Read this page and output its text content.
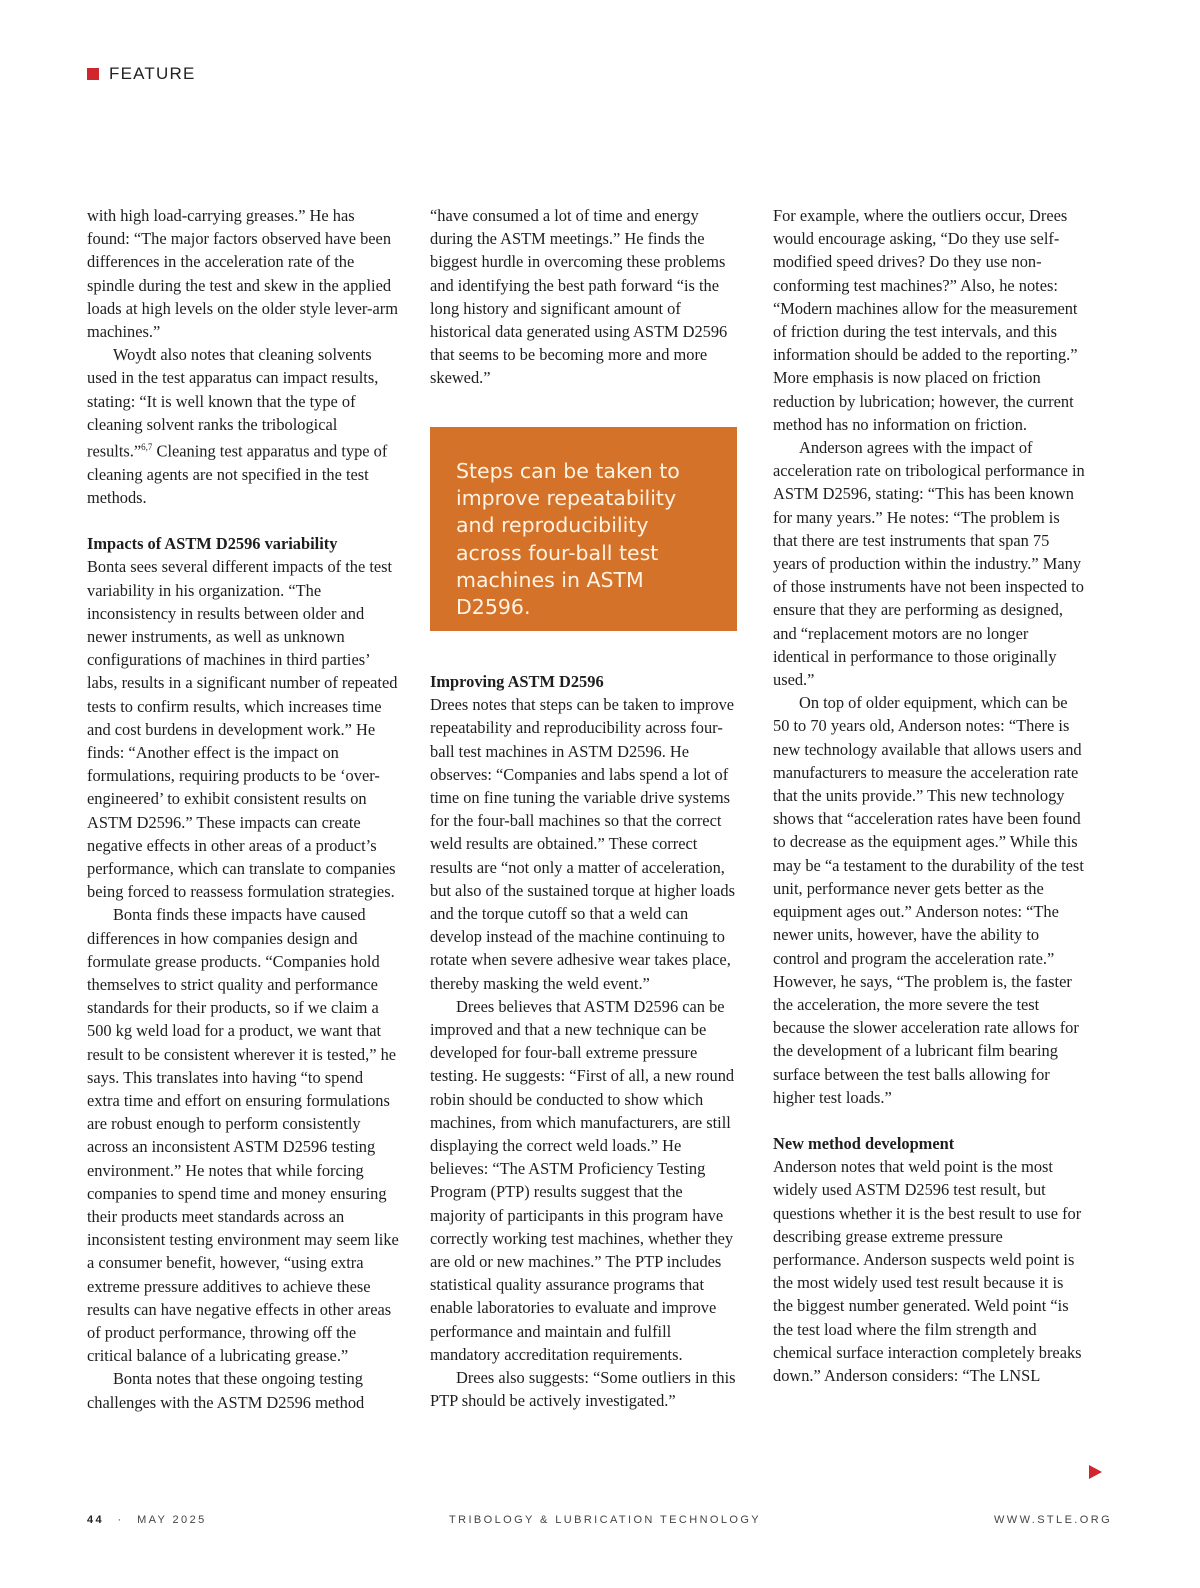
FEATURE

with high load-carrying greases.” He has found: “The major factors observed have been differences in the acceleration rate of the spindle during the test and skew in the applied loads at high levels on the older style lever-arm machines.”

Woydt also notes that cleaning solvents used in the test apparatus can impact results, stating: “It is well known that the type of cleaning solvent ranks the tribological results.”$^{6,7}$ Cleaning test apparatus and type of cleaning agents are not specified in the test methods.

Impacts of ASTM D2596 variability

Bonta sees several different impacts of the test variability in his organization. “The inconsistency in results between older and newer instruments, as well as unknown configurations of machines in third parties’ labs, results in a significant number of repeated tests to confirm results, which increases time and cost burdens in development work.” He finds: “Another effect is the impact on formulations, requiring products to be ‘over-engineered’ to exhibit consistent results on ASTM D2596.” These impacts can create negative effects in other areas of a product’s performance, which can translate to companies being forced to reassess formulation strategies.

Bonta finds these impacts have caused differences in how companies design and formulate grease products. “Companies hold themselves to strict quality and performance standards for their products, so if we claim a 500 kg weld load for a product, we want that result to be consistent wherever it is tested,” he says. This translates into having “to spend extra time and effort on ensuring formulations are robust enough to perform consistently across an inconsistent ASTM D2596 testing environment.” He notes that while forcing companies to spend time and money ensuring their products meet standards across an inconsistent testing environment may seem like a consumer benefit, however, “using extra extreme pressure additives to achieve these results can have negative effects in other areas of product performance, throwing off the critical balance of a lubricating grease.”

Bonta notes that these ongoing testing challenges with the ASTM D2596 method

“have consumed a lot of time and energy during the ASTM meetings.” He finds the biggest hurdle in overcoming these problems and identifying the best path forward “is the long history and significant amount of historical data generated using ASTM D2596 that seems to be becoming more and more skewed.”

Steps can be taken to improve repeatability and reproducibility across four-ball test machines in ASTM D2596.

Improving ASTM D2596

Drees notes that steps can be taken to improve repeatability and reproducibility across four-ball test machines in ASTM D2596. He observes: “Companies and labs spend a lot of time on fine tuning the variable drive systems for the four-ball machines so that the correct weld results are obtained.” These correct results are “not only a matter of acceleration, but also of the sustained torque at higher loads and the torque cutoff so that a weld can develop instead of the machine continuing to rotate when severe adhesive wear takes place, thereby masking the weld event.”

Drees believes that ASTM D2596 can be improved and that a new technique can be developed for four-ball extreme pressure testing. He suggests: “First of all, a new round robin should be conducted to show which machines, from which manufacturers, are still displaying the correct weld loads.” He believes: “The ASTM Proficiency Testing Program (PTP) results suggest that the majority of participants in this program have correctly working test machines, whether they are old or new machines.” The PTP includes statistical quality assurance programs that enable laboratories to evaluate and improve performance and maintain and fulfill mandatory accreditation requirements.

Drees also suggests: “Some outliers in this PTP should be actively investigated.”

For example, where the outliers occur, Drees would encourage asking, “Do they use self-modified speed drives? Do they use non-conforming test machines?” Also, he notes: “Modern machines allow for the measurement of friction during the test intervals, and this information should be added to the reporting.” More emphasis is now placed on friction reduction by lubrication; however, the current method has no information on friction.

Anderson agrees with the impact of acceleration rate on tribological performance in ASTM D2596, stating: “This has been known for many years.” He notes: “The problem is that there are test instruments that span 75 years of production within the industry.” Many of those instruments have not been inspected to ensure that they are performing as designed, and “replacement motors are no longer identical in performance to those originally used.”

On top of older equipment, which can be 50 to 70 years old, Anderson notes: “There is new technology available that allows users and manufacturers to measure the acceleration rate that the units provide.” This new technology shows that “acceleration rates have been found to decrease as the equipment ages.” While this may be “a testament to the durability of the test unit, performance never gets better as the equipment ages out.” Anderson notes: “The newer units, however, have the ability to control and program the acceleration rate.” However, he says, “The problem is, the faster the acceleration, the more severe the test because the slower acceleration rate allows for the development of a lubricant film bearing surface between the test balls allowing for higher test loads.”

New method development

Anderson notes that weld point is the most widely used ASTM D2596 test result, but questions whether it is the best result to use for describing grease extreme pressure performance. Anderson suspects weld point is the most widely used test result because it is the biggest number generated. Weld point “is the test load where the film strength and chemical surface interaction completely breaks down.” Anderson considers: “The LNSL

44 · MAY 2025	TRIBOLOGY & LUBRICATION TECHNOLOGY	WWW.STLE.ORG
